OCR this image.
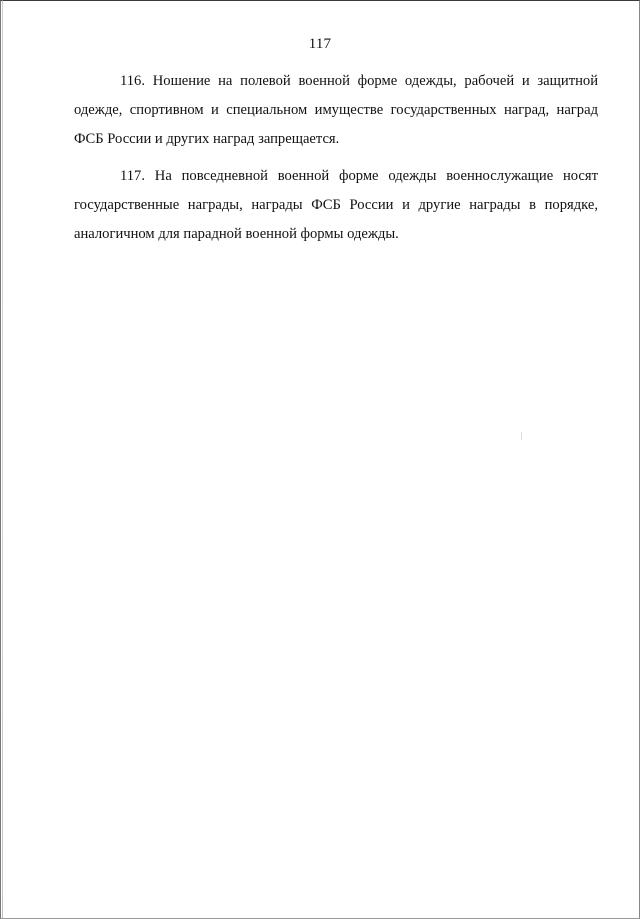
117

116. Ношение на полевой военной форме одежды, рабочей и защитной одежде, спортивном и специальном имуществе государственных наград, наград ФСБ России и других наград запрещается.

117. На повседневной военной форме одежды военнослужащие носят государственные награды, награды ФСБ России и другие награды в порядке, аналогичном для парадной военной формы одежды.
